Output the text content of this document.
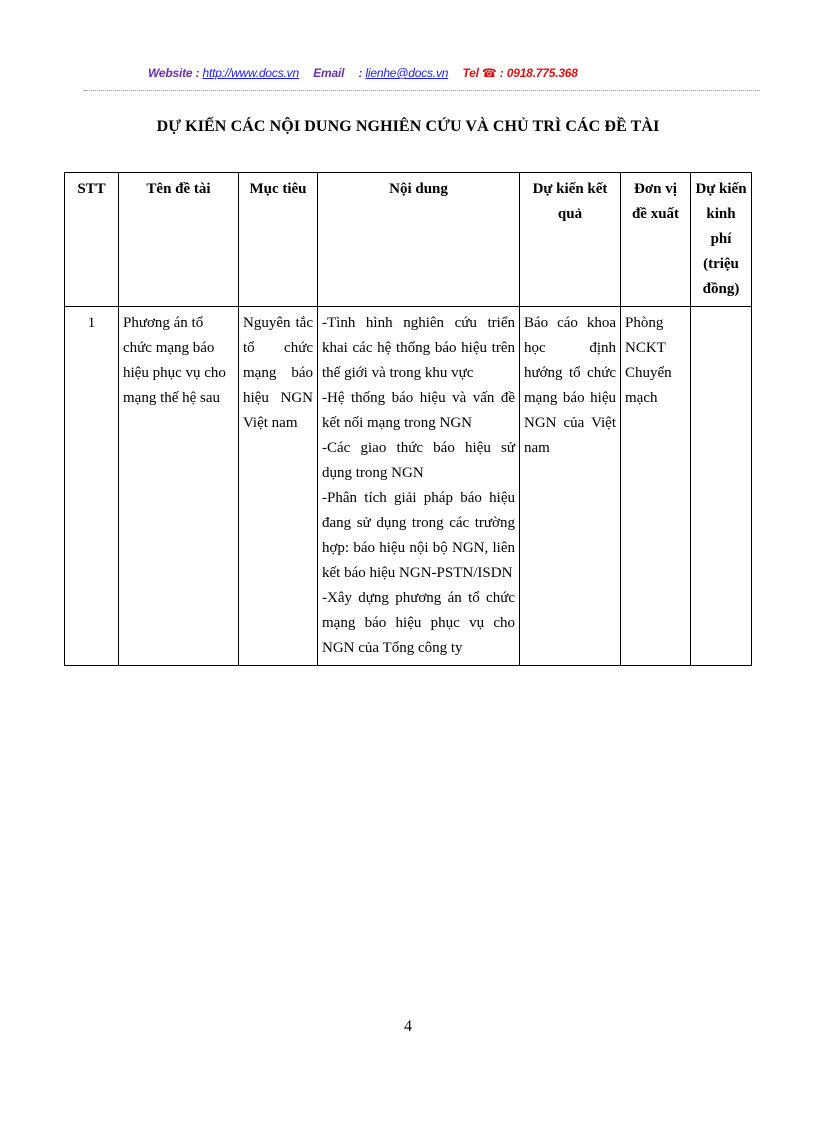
Website : http://www.docs.vn Email : lienhe@docs.vn Tel ☎ : 0918.775.368
DỰ KIẾN CÁC NỘI DUNG NGHIÊN CỨU VÀ CHỦ TRÌ CÁC ĐỀ TÀI
STT	Tên đề tài	Mục tiêu	Nội dung	Dự kiến kết quả	Đơn vị đề xuất	Dự kiến kinh phí (triệu đồng)
1	Phương án tổ chức mạng báo hiệu phục vụ cho mạng thế hệ sau	Nguyên tắc tổ chức mạng báo hiệu NGN Việt nam	-Tình hình nghiên cứu triển khai các hệ thống báo hiệu trên thế giới và trong khu vực
-Hệ thống báo hiệu và vấn đề kết nối mạng trong NGN
-Các giao thức báo hiệu sử dụng trong NGN
-Phân tích giải pháp báo hiệu đang sử dụng trong các trường hợp: báo hiệu nội bộ NGN, liên kết báo hiệu NGN-PSTN/ISDN
-Xây dựng phương án tổ chức mạng báo hiệu phục vụ cho NGN của Tổng công ty	Báo cáo khoa học định hướng tổ chức mạng báo hiệu NGN của Việt nam	Phòng NCKT Chuyển mạch	
4
